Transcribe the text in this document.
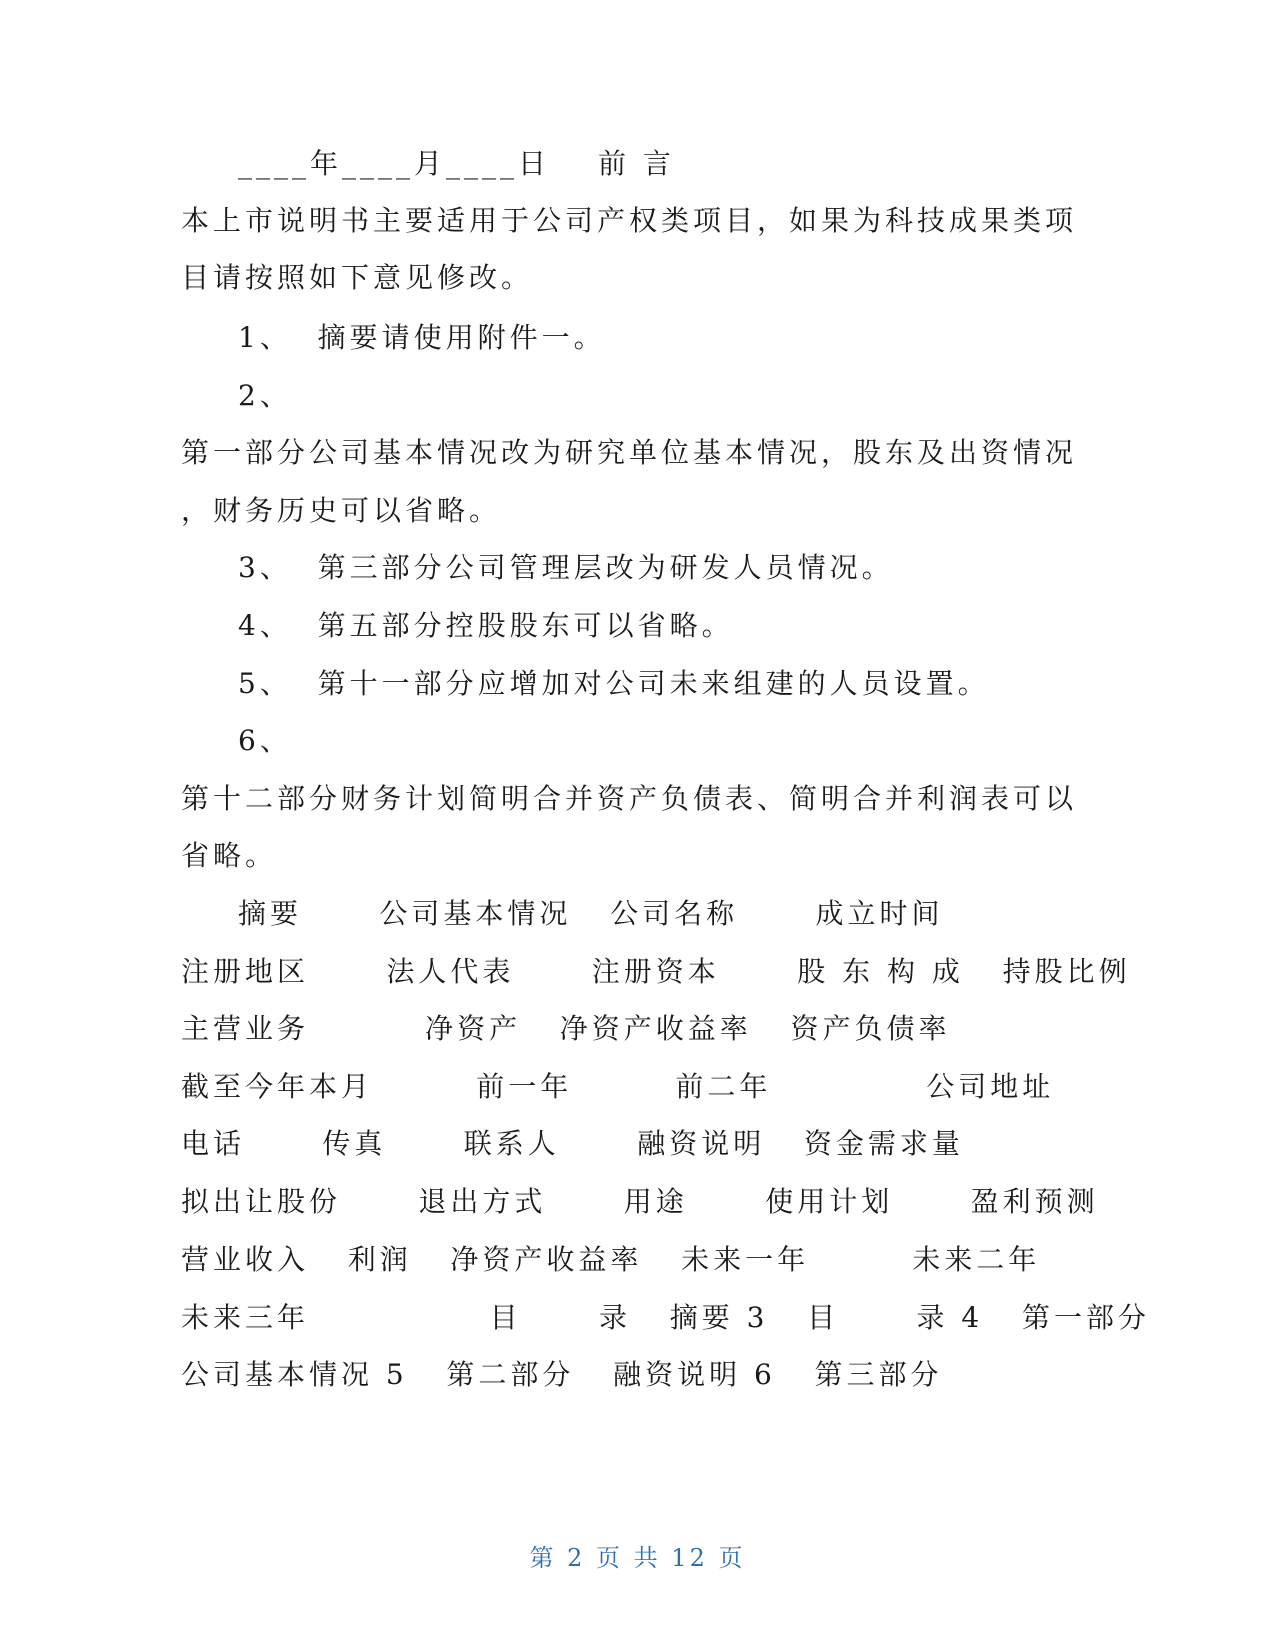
____年____月____日 前 言
本上市说明书主要适用于公司产权类项目，如果为科技成果类项
目请按照如下意见修改。
1、  摘要请使用附件一。
2、
第一部分公司基本情况改为研究单位基本情况，股东及出资情况
，财务历史可以省略。
3、  第三部分公司管理层改为研发人员情况。
4、  第五部分控股股东可以省略。
5、  第十一部分应增加对公司未来组建的人员设置。
6、
第十二部分财务计划简明合并资产负债表、简明合并利润表可以
省略。
摘要      公司基本情况   公司名称      成立时间
注册地区      法人代表      注册资本      股 东 构 成   持股比例
主营业务         净资产   净资产收益率   资产负债率
截至今年本月        前一年        前二年            公司地址
电话      传真      联系人      融资说明   资金需求量
拟出让股份      退出方式      用途      使用计划      盈利预测
营业收入   利润   净资产收益率   未来一年        未来二年
未来三年              目      录   摘要 3   目      录 4   第一部分
公司基本情况 5   第二部分   融资说明 6   第三部分
第 2 页 共 12 页
